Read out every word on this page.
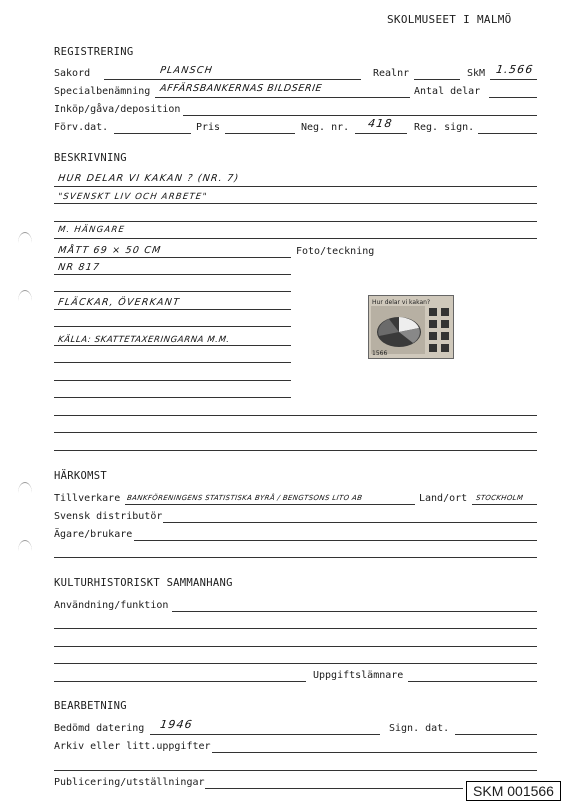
SKOLMUSEET I MALMÖ
REGISTRERING
Sakord	PLANSCH	Realnr	SkM 1.566
Specialbenämning AFFÄRSBANKERNAS BILDSERIE	Antal delar
Inköp/gåva/deposition
Förv.dat.	Pris	Neg. nr. 418 Reg. sign.
BESKRIVNING
HUR DELAR VI KAKAN ? (NR. 7)
"SVENSKT LIV OCH ARBETE"
M. HÄNGARE
MÅTT 69 × 50 CM	Foto/teckning
NR 817
FLÄCKAR, ÖVERKANT
KÄLLA: SKATTETAXERINGARNA M.M.
Hur delar vi kakan?
1566
HÄRKOMST
Tillverkare BANKFÖRENINGENS STATISTISKA BYRÅ / BENGTSONS LITO AB	Land/ort STOCKHOLM
Svensk distributör
Ägare/brukare
KULTURHISTORISKT SAMMANHANG
Användning/funktion
Uppgiftslämnare
BEARBETNING
Bedömd datering 1946	Sign. dat.
Arkiv eller litt.uppgifter
Publicering/utställningar
SKM 001566
